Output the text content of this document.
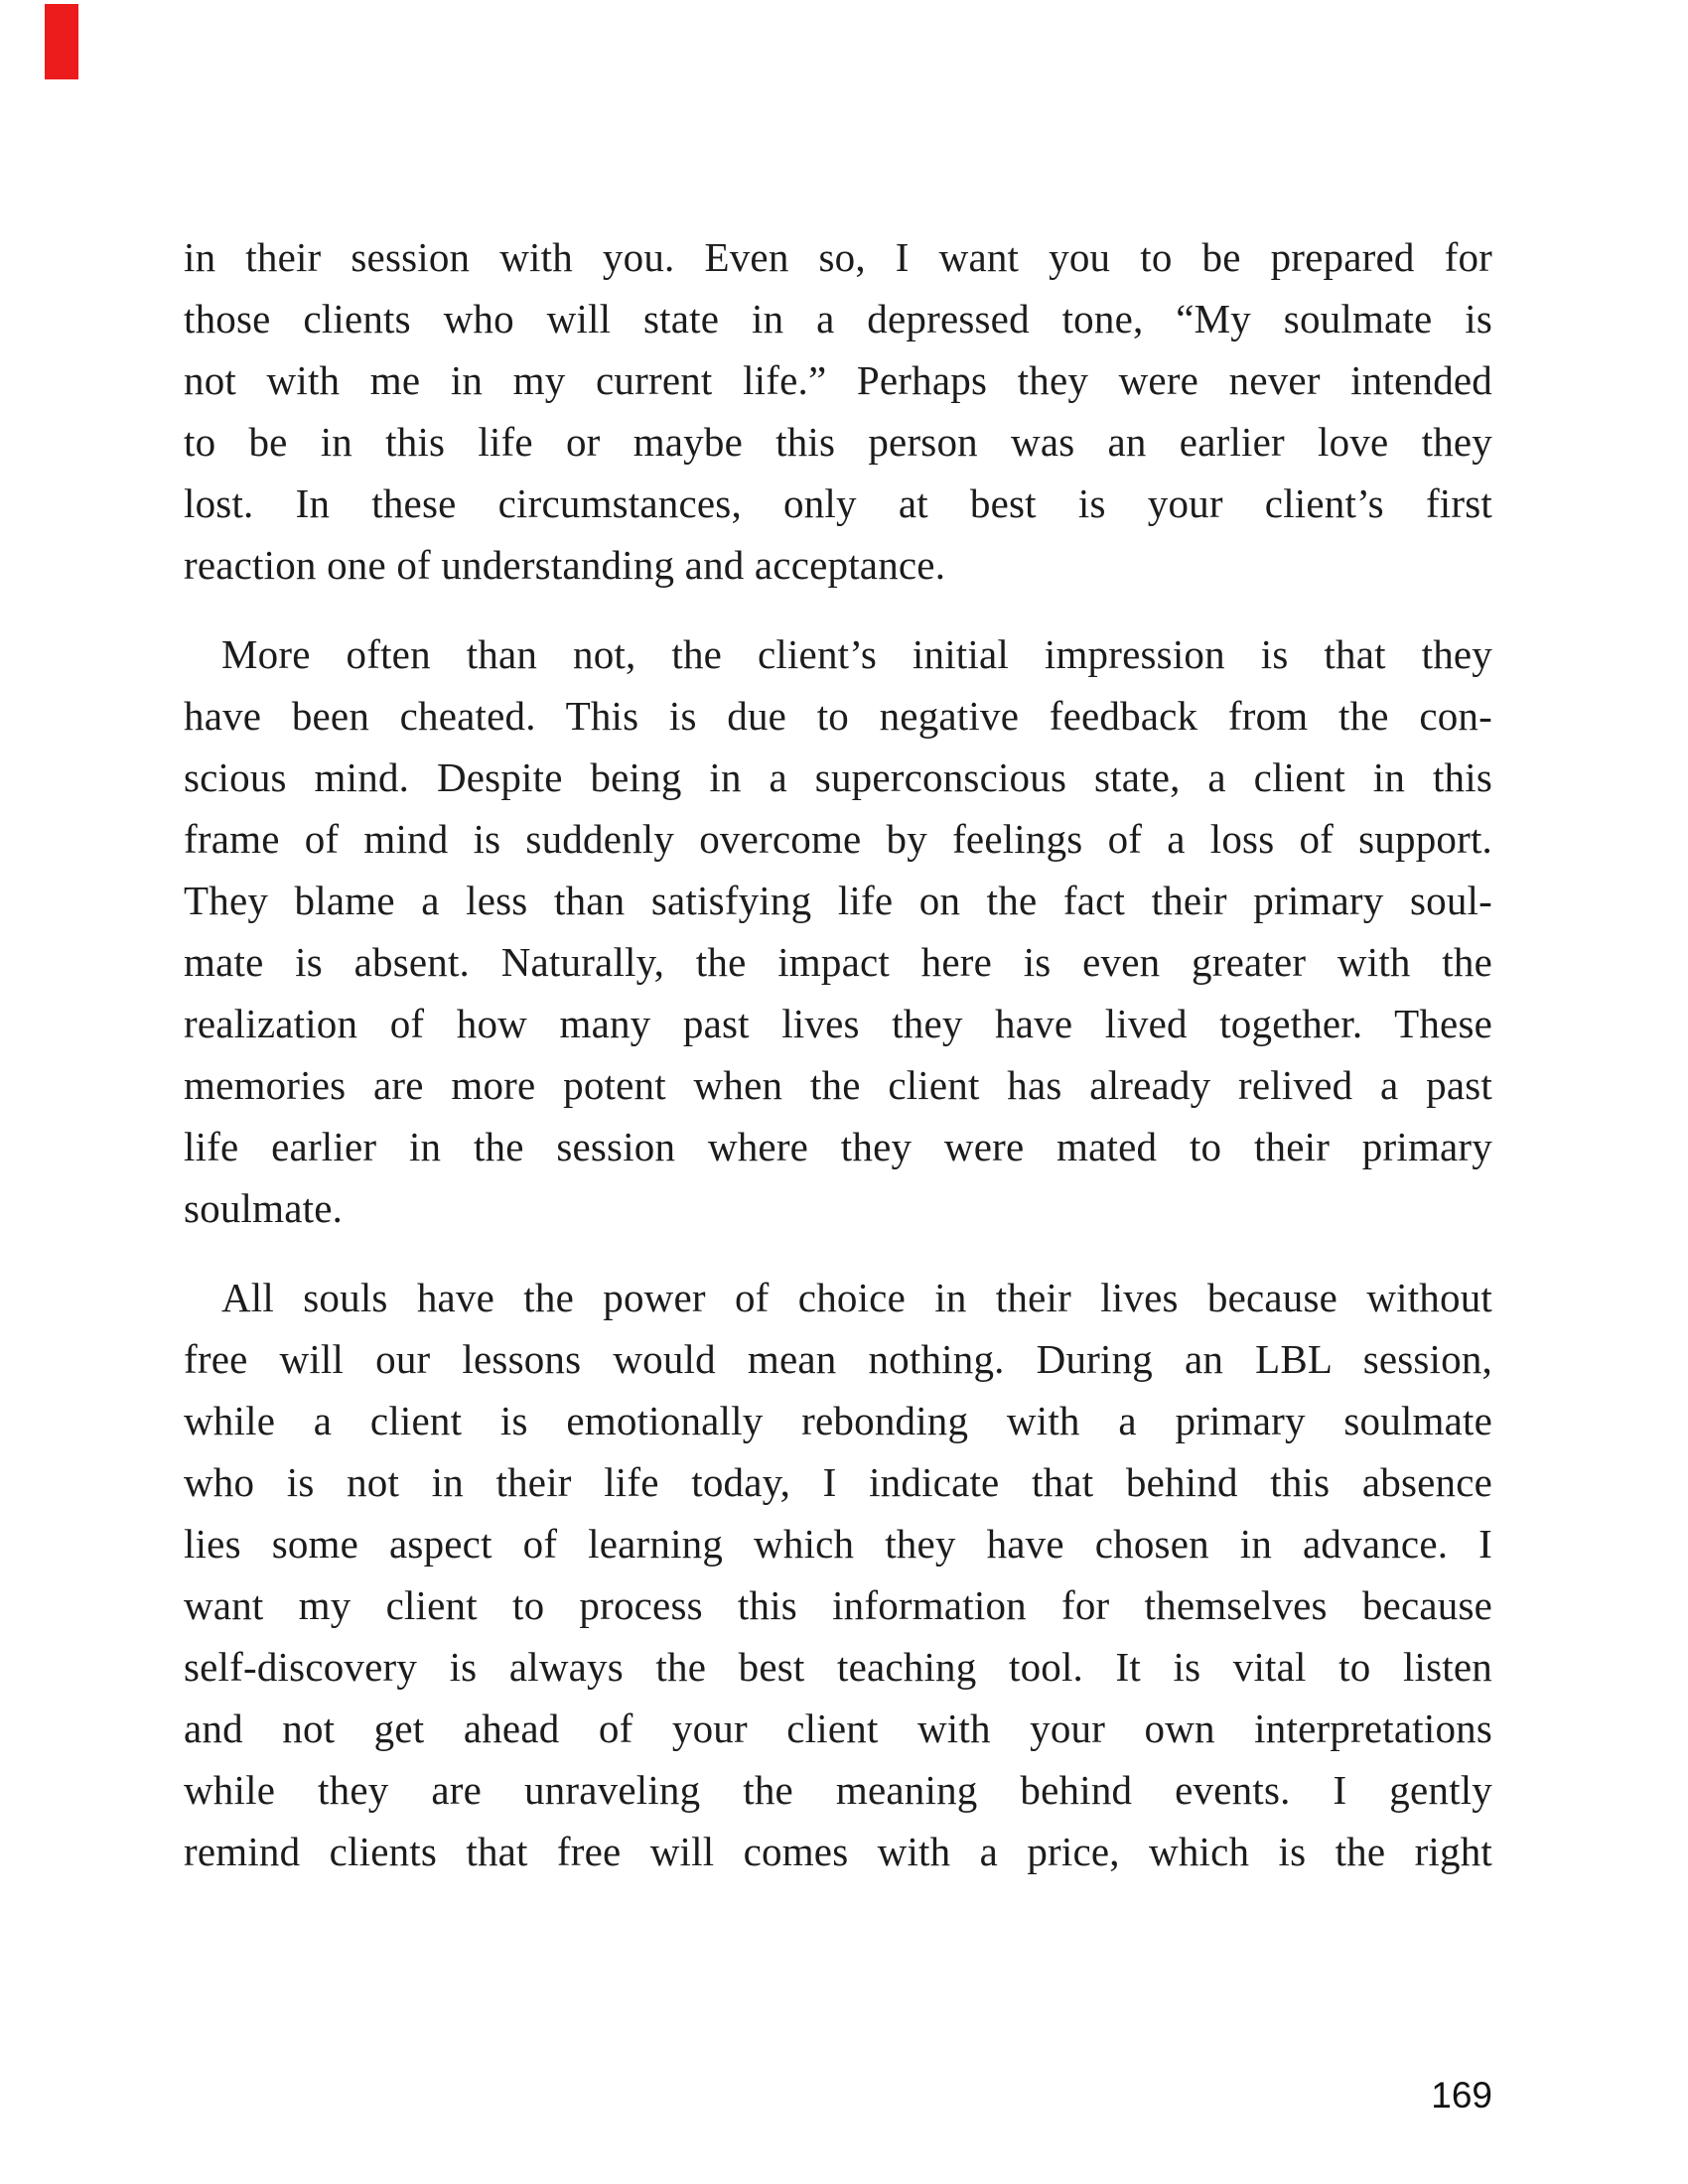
in their session with you. Even so, I want you to be prepared for
those clients who will state in a depressed tone, “My soulmate is
not with me in my current life.” Perhaps they were never intended
to be in this life or maybe this person was an earlier love they
lost. In these circumstances, only at best is your client’s first
reaction one of understanding and acceptance.
More often than not, the client’s initial impression is that they
have been cheated. This is due to negative feedback from the con-
scious mind. Despite being in a superconscious state, a client in this
frame of mind is suddenly overcome by feelings of a loss of support.
They blame a less than satisfying life on the fact their primary soul-
mate is absent. Naturally, the impact here is even greater with the
realization of how many past lives they have lived together. These
memories are more potent when the client has already relived a past
life earlier in the session where they were mated to their primary
soulmate.
All souls have the power of choice in their lives because without
free will our lessons would mean nothing. During an LBL session,
while a client is emotionally rebonding with a primary soulmate
who is not in their life today, I indicate that behind this absence
lies some aspect of learning which they have chosen in advance. I
want my client to process this information for themselves because
self-discovery is always the best teaching tool. It is vital to listen
and not get ahead of your client with your own interpretations
while they are unraveling the meaning behind events. I gently
remind clients that free will comes with a price, which is the right
169
